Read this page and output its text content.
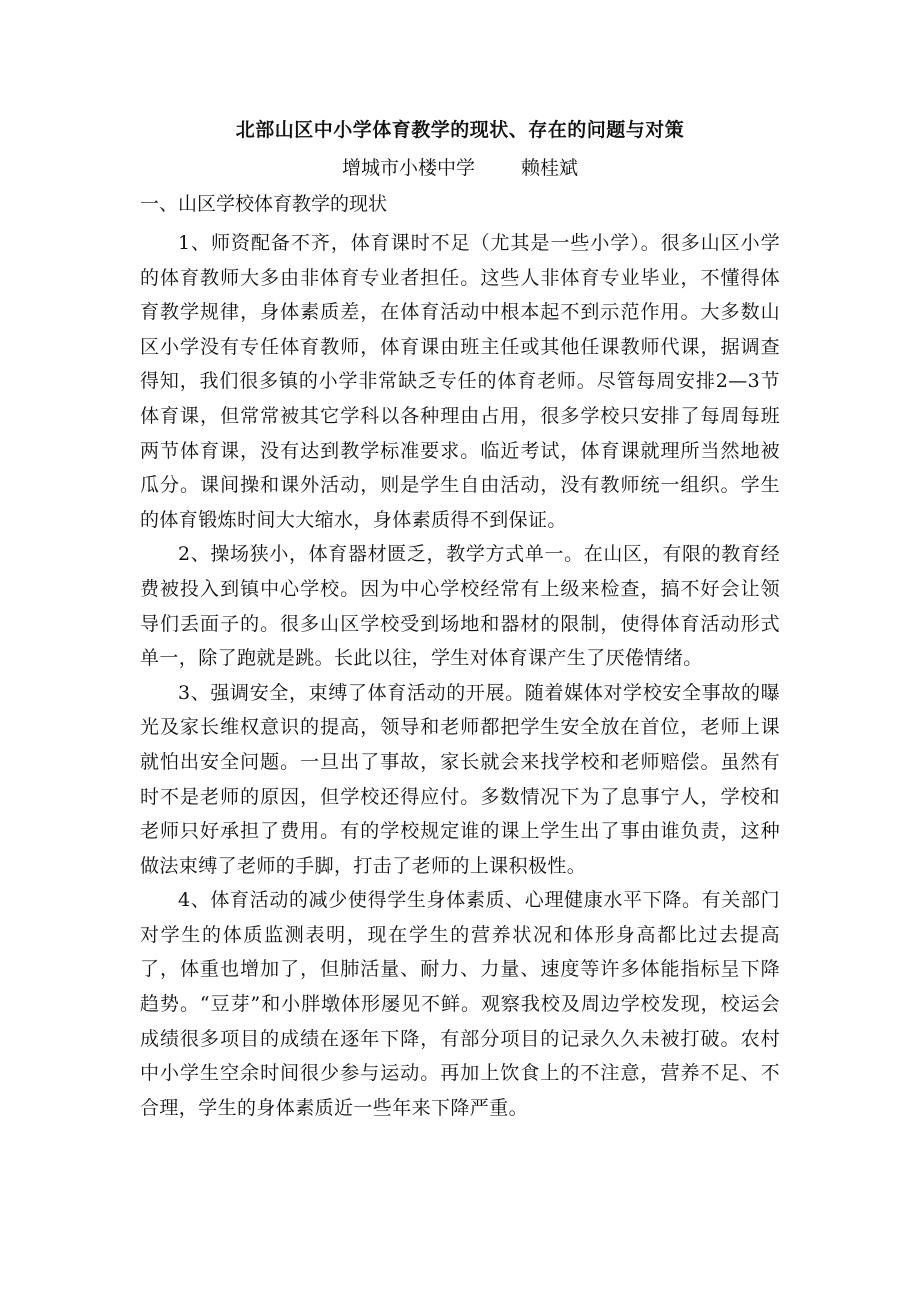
北部山区中小学体育教学的现状、存在的问题与对策
增城市小楼中学 赖桂斌
一、山区学校体育教学的现状

1、师资配备不齐，体育课时不足（尤其是一些小学）。很多山区小学的体育教师大多由非体育专业者担任。这些人非体育专业毕业，不懂得体育教学规律，身体素质差，在体育活动中根本起不到示范作用。大多数山区小学没有专任体育教师，体育课由班主任或其他任课教师代课，据调查得知，我们很多镇的小学非常缺乏专任的体育老师。尽管每周安排2—3节体育课，但常常被其它学科以各种理由占用，很多学校只安排了每周每班两节体育课，没有达到教学标准要求。临近考试，体育课就理所当然地被瓜分。课间操和课外活动，则是学生自由活动，没有教师统一组织。学生的体育锻炼时间大大缩水，身体素质得不到保证。

2、操场狭小，体育器材匮乏，教学方式单一。在山区，有限的教育经费被投入到镇中心学校。因为中心学校经常有上级来检查，搞不好会让领导们丢面子的。很多山区学校受到场地和器材的限制，使得体育活动形式单一，除了跑就是跳。长此以往，学生对体育课产生了厌倦情绪。

3、强调安全，束缚了体育活动的开展。随着媒体对学校安全事故的曝光及家长维权意识的提高，领导和老师都把学生安全放在首位，老师上课就怕出安全问题。一旦出了事故，家长就会来找学校和老师赔偿。虽然有时不是老师的原因，但学校还得应付。多数情况下为了息事宁人，学校和老师只好承担了费用。有的学校规定谁的课上学生出了事由谁负责，这种做法束缚了老师的手脚，打击了老师的上课积极性。

4、体育活动的减少使得学生身体素质、心理健康水平下降。有关部门对学生的体质监测表明，现在学生的营养状况和体形身高都比过去提高了，体重也增加了，但肺活量、耐力、力量、速度等许多体能指标呈下降趋势。“豆芽”和小胖墩体形屡见不鲜。观察我校及周边学校发现，校运会成绩很多项目的成绩在逐年下降，有部分项目的记录久久未被打破。农村中小学生空余时间很少参与运动。再加上饮食上的不注意，营养不足、不合理，学生的身体素质近一些年来下降严重。
